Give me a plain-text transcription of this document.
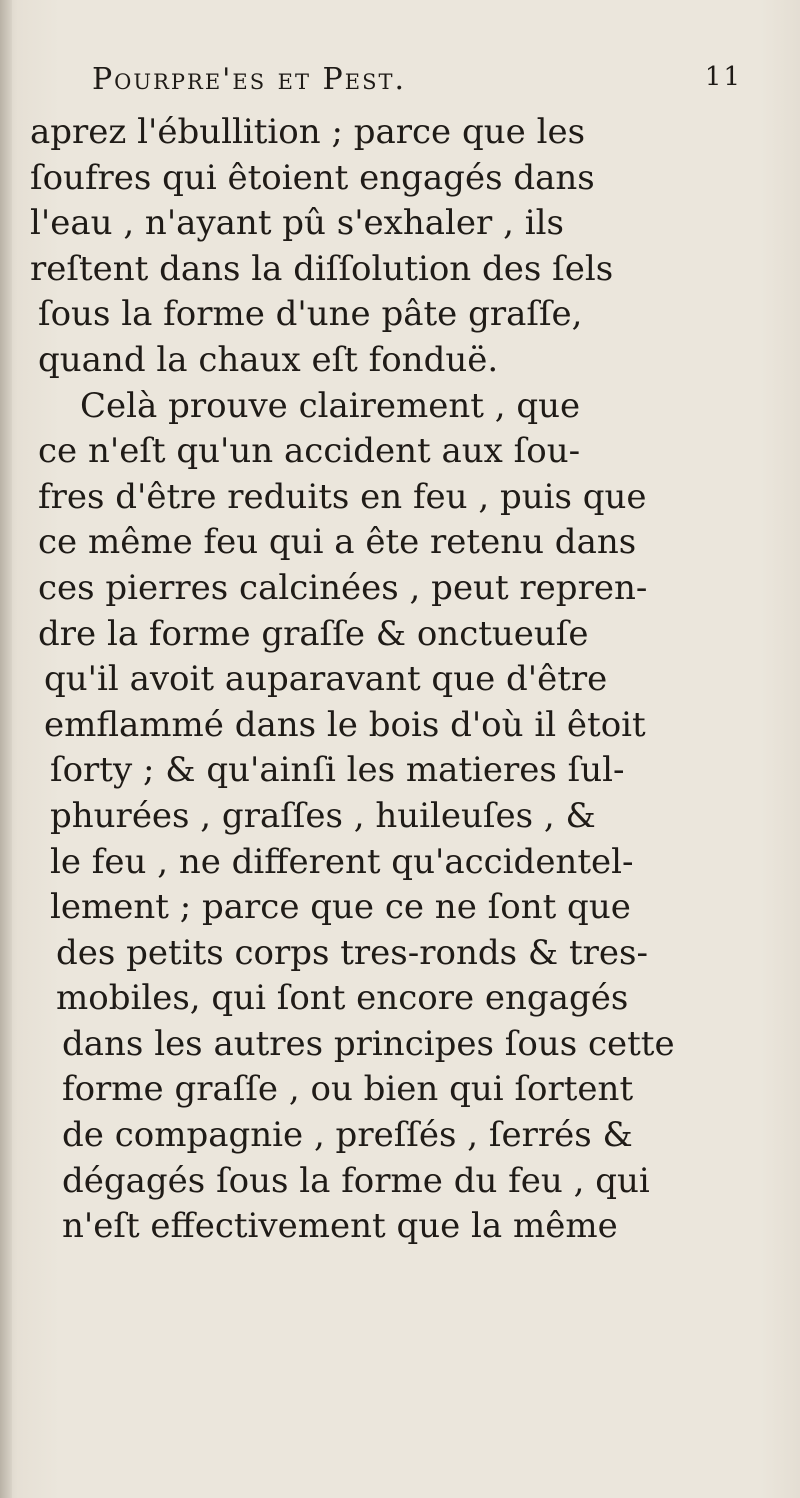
Pourpre'es et Pest.	11
aprez l'ébullition ; parce que les
ſoufres qui êtoient engagés dans
l'eau , n'ayant pû s'exhaler , ils
reſtent dans la diſſolution des ſels
ſous la forme d'une pâte graſſe,
quand la chaux eſt fonduë.
Celà prouve clairement , que
ce n'eſt qu'un accident aux ſou-
fres d'être reduits en feu , puis que
ce même feu qui a ête retenu dans
ces pierres calcinées , peut repren-
dre la forme graſſe & onctueuſe
qu'il avoit auparavant que d'être
emflammé dans le bois d'où il êtoit
ſorty ; & qu'ainſi les matieres ſul-
phurées , graſſes , huileuſes , &
le feu , ne different qu'accidentel-
lement ; parce que ce ne ſont que
des petits corps tres-ronds & tres-
mobiles, qui ſont encore engagés
dans les autres principes ſous cette
forme graſſe , ou bien qui ſortent
de compagnie , preſſés , ſerrés &
dégagés ſous la forme du feu , qui
n'eſt effectivement que la même
